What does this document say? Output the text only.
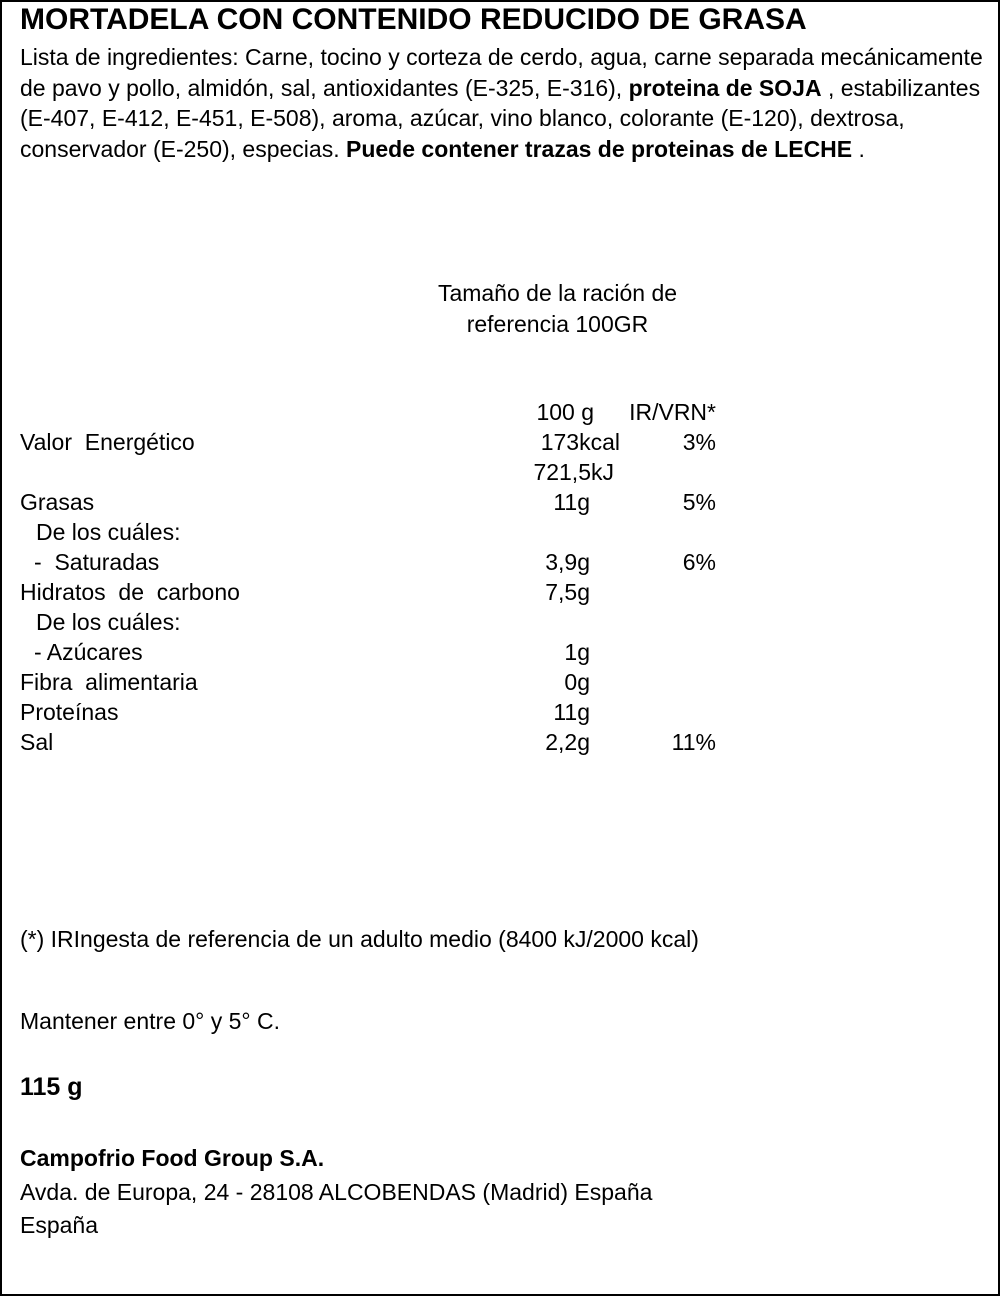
MORTADELA CON CONTENIDO REDUCIDO DE GRASA
Lista de ingredientes: Carne, tocino y corteza de cerdo, agua, carne separada mecánicamente de pavo y pollo, almidón, sal, antioxidantes (E-325, E-316), proteina de SOJA , estabilizantes (E-407, E-412, E-451, E-508), aroma, azúcar, vino blanco, colorante (E-120), dextrosa, conservador (E-250), especias. Puede contener trazas de proteinas de LECHE .
Tamaño de la ración de
referencia 100GR
100 g IR/VRN*
Valor  Energético	173kcal	3%
721,5kJ
Grasas	11g	5%
De los cuáles:
-  Saturadas	3,9g	6%
Hidratos  de  carbono	7,5g
De los cuáles:
- Azúcares	1g
Fibra  alimentaria	0g
Proteínas	11g
Sal	2,2g	11%
(*) IRIngesta de referencia de un adulto medio (8400 kJ/2000 kcal)
Mantener entre 0° y 5° C.
115 g
Campofrio Food Group S.A.
Avda. de Europa, 24 - 28108 ALCOBENDAS (Madrid) España
España
